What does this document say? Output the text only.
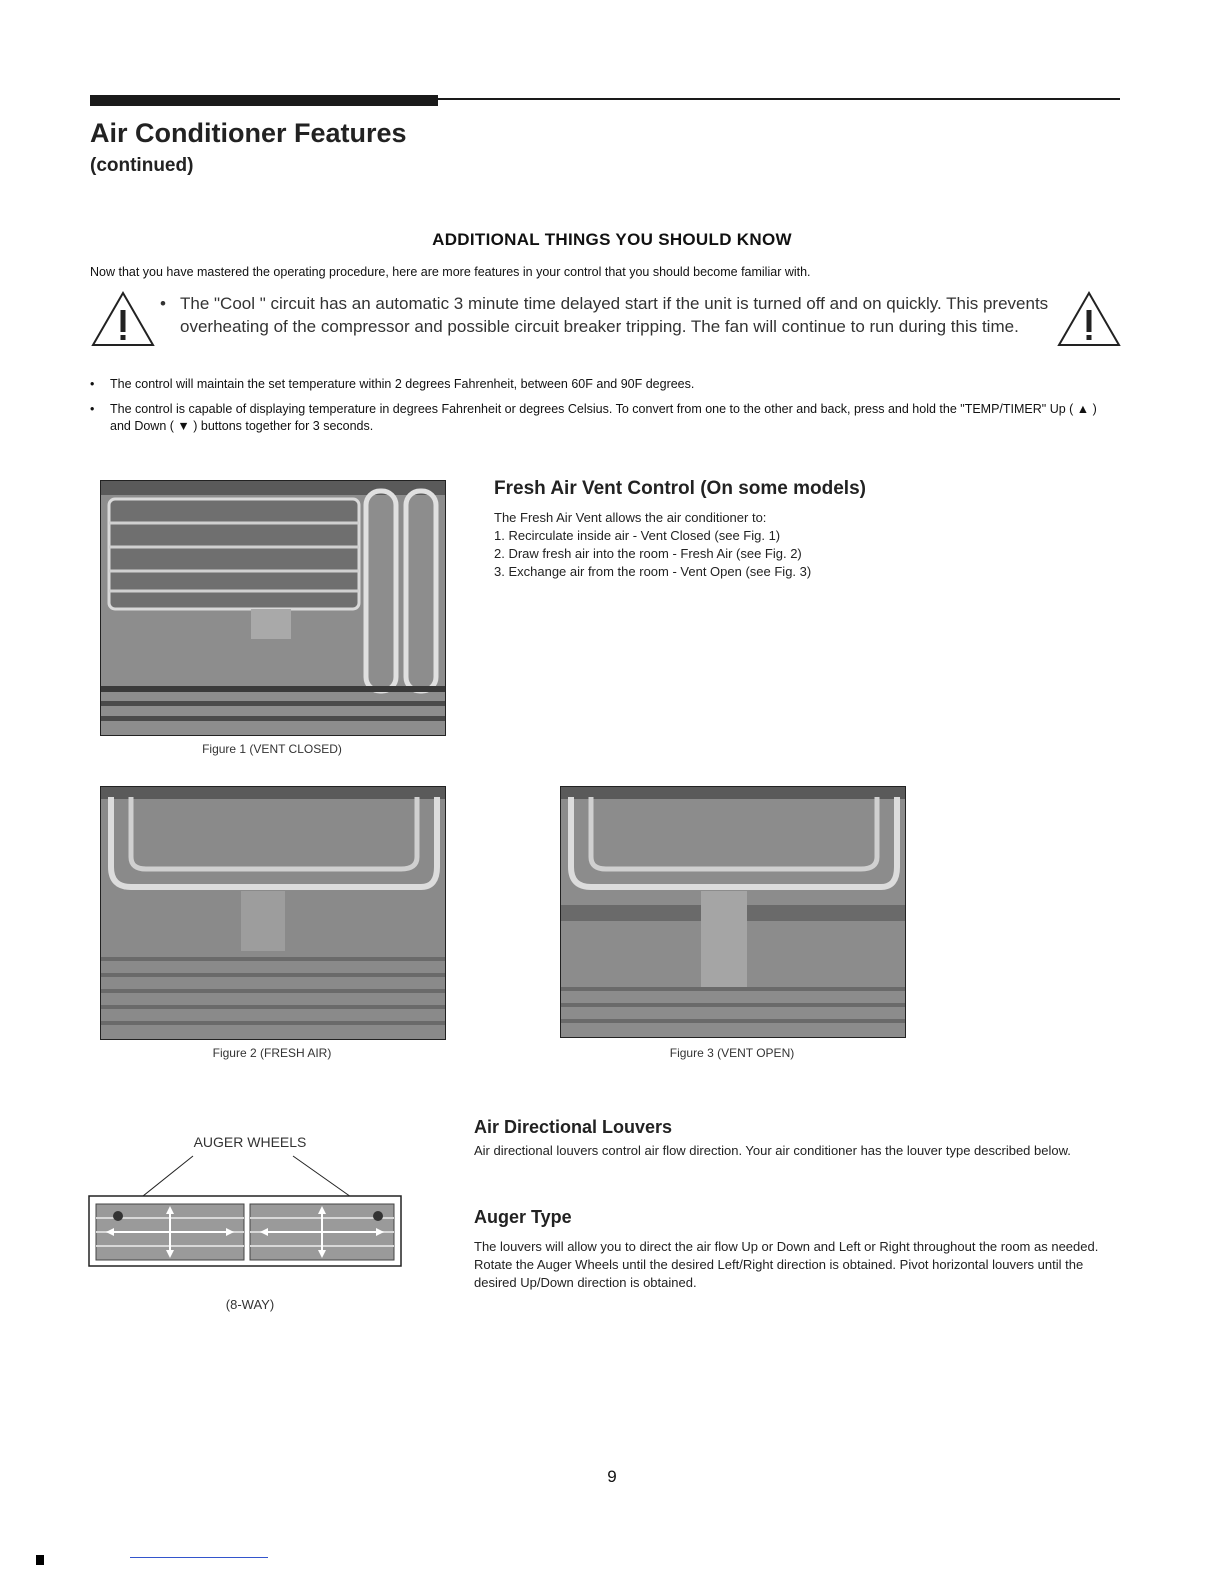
Air Conditioner Features
(continued)
ADDITIONAL THINGS YOU SHOULD KNOW
Now that you have mastered the operating procedure, here are more features in your control that you should become familiar with.
• The "Cool " circuit has an automatic 3 minute time delayed start if the unit is turned off and on quickly. This prevents overheating of the compressor and possible circuit breaker tripping. The fan will continue to run during this time.
• The control will maintain the set temperature within 2 degrees Fahrenheit, between 60F and 90F degrees.
• The control is capable of displaying temperature in degrees Fahrenheit or degrees Celsius. To convert from one to the other and back, press and hold the "TEMP/TIMER" Up ( ▲ ) and Down ( ▼ ) buttons together for 3 seconds.
Figure 1 (VENT CLOSED)
Fresh Air Vent Control (On some models)
The Fresh Air Vent allows the air conditioner to:
1. Recirculate inside air - Vent Closed (see Fig. 1)
2. Draw fresh air into the room - Fresh Air (see Fig. 2)
3. Exchange air from the room - Vent Open (see Fig. 3)
Figure 2 (FRESH AIR)	Figure 3 (VENT OPEN)
AUGER WHEELS
(8-WAY)
Air Directional Louvers
Air directional louvers control air flow direction. Your air conditioner has the louver type described below.
Auger Type
The louvers will allow you to direct the air flow Up or Down and Left or Right throughout the room as needed. Rotate the Auger Wheels until the desired Left/Right direction is obtained. Pivot horizontal louvers until the desired Up/Down direction is obtained.
9
